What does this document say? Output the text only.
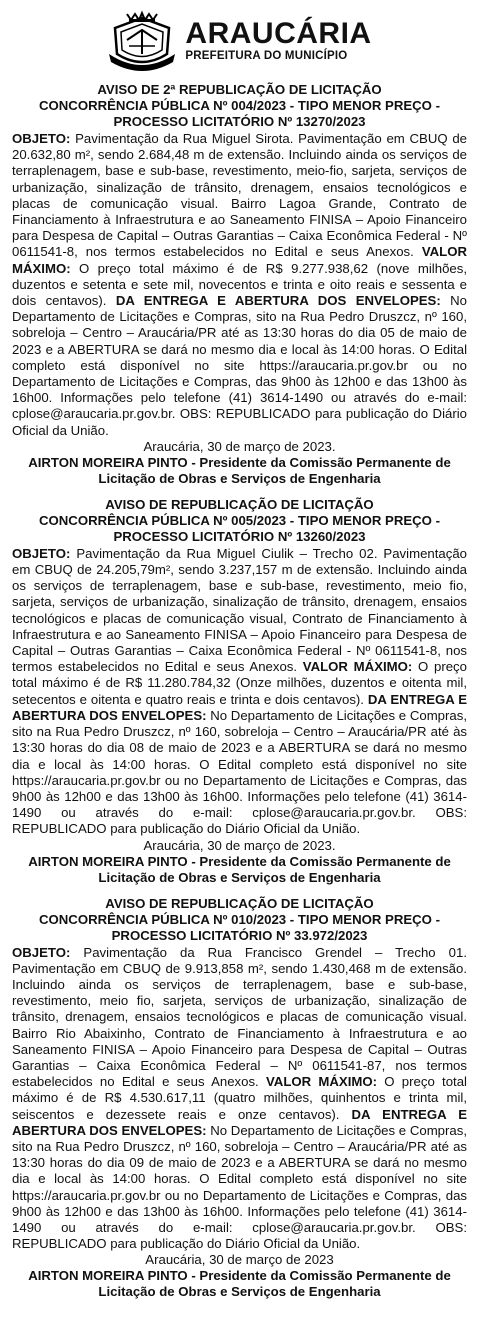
ARAUCÁRIA
PREFEITURA DO MUNICÍPIO
AVISO DE 2ª REPUBLICAÇÃO DE LICITAÇÃO
CONCORRÊNCIA PÚBLICA Nº 004/2023 - TIPO MENOR PREÇO -
PROCESSO LICITATÓRIO Nº 13270/2023
OBJETO: Pavimentação da Rua Miguel Sirota. Pavimentação em CBUQ de 20.632,80 m², sendo 2.684,48 m de extensão. Incluindo ainda os serviços de terraplenagem, base e sub-base, revestimento, meio-fio, sarjeta, serviços de urbanização, sinalização de trânsito, drenagem, ensaios tecnológicos e placas de comunicação visual. Bairro Lagoa Grande, Contrato de Financiamento à Infraestrutura e ao Saneamento FINISA – Apoio Financeiro para Despesa de Capital – Outras Garantias – Caixa Econômica Federal - Nº 0611541-8, nos termos estabelecidos no Edital e seus Anexos. VALOR MÁXIMO: O preço total máximo é de R$ 9.277.938,62 (nove milhões, duzentos e setenta e sete mil, novecentos e trinta e oito reais e sessenta e dois centavos). DA ENTREGA E ABERTURA DOS ENVELOPES: No Departamento de Licitações e Compras, sito na Rua Pedro Druszcz, nº 160, sobreloja – Centro – Araucária/PR até as 13:30 horas do dia 05 de maio de 2023 e a ABERTURA se dará no mesmo dia e local às 14:00 horas. O Edital completo está disponível no site https://araucaria.pr.gov.br ou no Departamento de Licitações e Compras, das 9h00 às 12h00 e das 13h00 às 16h00. Informações pelo telefone (41) 3614-1490 ou através do e-mail: cplose@araucaria.pr.gov.br. OBS: REPUBLICADO para publicação do Diário Oficial da União.
Araucária, 30 de março de 2023.
AIRTON MOREIRA PINTO - Presidente da Comissão Permanente de
Licitação de Obras e Serviços de Engenharia
AVISO DE REPUBLICAÇÃO DE LICITAÇÃO
CONCORRÊNCIA PÚBLICA Nº 005/2023 - TIPO MENOR PREÇO -
PROCESSO LICITATÓRIO Nº 13260/2023
OBJETO: Pavimentação da Rua Miguel Ciulik – Trecho 02. Pavimentação em CBUQ de 24.205,79m², sendo 3.237,157 m de extensão. Incluindo ainda os serviços de terraplenagem, base e sub-base, revestimento, meio fio, sarjeta, serviços de urbanização, sinalização de trânsito, drenagem, ensaios tecnológicos e placas de comunicação visual, Contrato de Financiamento à Infraestrutura e ao Saneamento FINISA – Apoio Financeiro para Despesa de Capital – Outras Garantias – Caixa Econômica Federal - Nº 0611541-8, nos termos estabelecidos no Edital e seus Anexos. VALOR MÁXIMO: O preço total máximo é de R$ 11.280.784,32 (Onze milhões, duzentos e oitenta mil, setecentos e oitenta e quatro reais e trinta e dois centavos). DA ENTREGA E ABERTURA DOS ENVELOPES: No Departamento de Licitações e Compras, sito na Rua Pedro Druszcz, nº 160, sobreloja – Centro – Araucária/PR até às 13:30 horas do dia 08 de maio de 2023 e a ABERTURA se dará no mesmo dia e local às 14:00 horas. O Edital completo está disponível no site https://araucaria.pr.gov.br ou no Departamento de Licitações e Compras, das 9h00 às 12h00 e das 13h00 às 16h00. Informações pelo telefone (41) 3614-1490 ou através do e-mail: cplose@araucaria.pr.gov.br. OBS: REPUBLICADO para publicação do Diário Oficial da União.
Araucária, 30 de março de 2023.
AIRTON MOREIRA PINTO - Presidente da Comissão Permanente de
Licitação de Obras e Serviços de Engenharia
AVISO DE REPUBLICAÇÃO DE LICITAÇÃO
CONCORRÊNCIA PÚBLICA Nº 010/2023 - TIPO MENOR PREÇO -
PROCESSO LICITATÓRIO Nº 33.972/2023
OBJETO: Pavimentação da Rua Francisco Grendel – Trecho 01. Pavimentação em CBUQ de 9.913,858 m², sendo 1.430,468 m de extensão. Incluindo ainda os serviços de terraplenagem, base e sub-base, revestimento, meio fio, sarjeta, serviços de urbanização, sinalização de trânsito, drenagem, ensaios tecnológicos e placas de comunicação visual. Bairro Rio Abaixinho, Contrato de Financiamento à Infraestrutura e ao Saneamento FINISA – Apoio Financeiro para Despesa de Capital – Outras Garantias – Caixa Econômica Federal – Nº 0611541-87, nos termos estabelecidos no Edital e seus Anexos. VALOR MÁXIMO: O preço total máximo é de R$ 4.530.617,11 (quatro milhões, quinhentos e trinta mil, seiscentos e dezessete reais e onze centavos). DA ENTREGA E ABERTURA DOS ENVELOPES: No Departamento de Licitações e Compras, sito na Rua Pedro Druszcz, nº 160, sobreloja – Centro – Araucária/PR até as 13:30 horas do dia 09 de maio de 2023 e a ABERTURA se dará no mesmo dia e local às 14:00 horas. O Edital completo está disponível no site https://araucaria.pr.gov.br ou no Departamento de Licitações e Compras, das 9h00 às 12h00 e das 13h00 às 16h00. Informações pelo telefone (41) 3614-1490 ou através do e-mail: cplose@araucaria.pr.gov.br. OBS: REPUBLICADO para publicação do Diário Oficial da União.
Araucária, 30 de março de 2023
AIRTON MOREIRA PINTO - Presidente da Comissão Permanente de
Licitação de Obras e Serviços de Engenharia
